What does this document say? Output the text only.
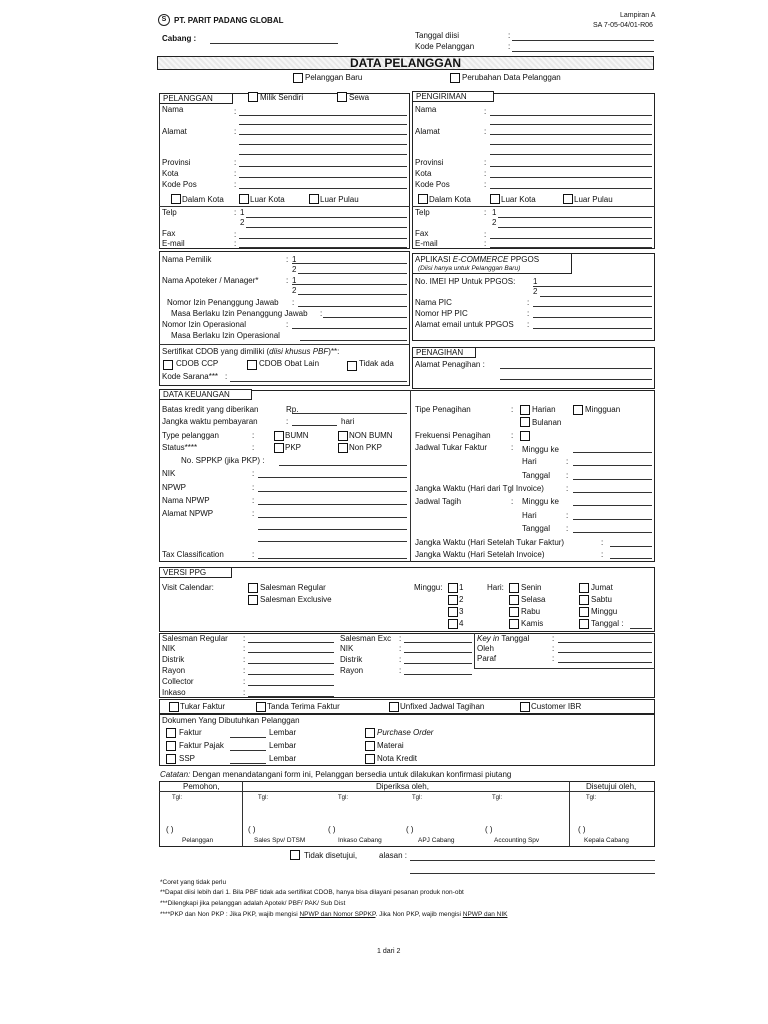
S PT. PARIT PADANG GLOBAL
Lampiran A
SA 7-05-04/01-R06
Cabang :	Tanggal diisi	:
Kode Pelanggan	:
DATA PELANGGAN
Pelanggan Baru	Perubahan Data Pelanggan
PELANGGAN	Milik Sendiri	Sewa
Nama	:
Alamat	:
Provinsi	:
Kota	:
Kode Pos	:
Dalam Kota	Luar Kota	Luar Pulau
Telp	: 1
2
Fax	:
E-mail	:
PENGIRIMAN
Nama	:
Alamat	:
Provinsi	:
Kota	:
Kode Pos	:
Dalam Kota	Luar Kota	Luar Pulau
Telp	: 1
2
Fax	:
E-mail	:
Nama Pemilik	: 1
2
Nama Apoteker / Manager*	: 1
2
Nomor Izin Penanggung Jawab :
Masa Berlaku Izin Penanggung Jawab :
Nomor Izin Operasional	:
Masa Berlaku Izin Operasional
Sertifikat CDOB yang dimiliki (diisi khusus PBF)**:
CDOB CCP	CDOB Obat Lain	Tidak ada
Kode Sarana*** :
APLIKASI E-COMMERCE PPGOS
(Diisi hanya untuk Pelanggan Baru)
No. IMEI HP Untuk PPGOS: 1
2
Nama PIC	:
Nomor HP PIC	:
Alamat email untuk PPGOS :
PENAGIHAN
Alamat Penagihan :
DATA KEUANGAN
Batas kredit yang diberikan	Rp.
Jangka waktu pembayaran	:	hari
Type pelanggan	:	BUMN	NON BUMN
Status****	:	PKP	Non PKP
No. SPPKP (jika PKP) :
NIK	:
NPWP	:
Nama NPWP	:
Alamat NPWP	:
Tax Classification	:
Tipe Penagihan	: Harian	Mingguan
Bulanan
Frekuensi Penagihan	:
Jadwal Tukar Faktur	: Minggu ke
Hari	:
Tanggal :
Jangka Waktu (Hari dari Tgl Invoice)	:
Jadwal Tagih	: Minggu ke
Hari	:
Tanggal :
Jangka Waktu (Hari Setelah Tukar Faktur)	:
Jangka Waktu (Hari Setelah Invoice)	:
VERSI PPG
Visit Calendar:	Salesman Regular
Salesman Exclusive
Minggu: 1
2
3
4
Hari: Senin
Selasa
Rabu
Kamis
Jumat
Sabtu
Minggu
Tanggal :
Salesman Regular :
NIK	:
Distrik	:
Rayon	:
Collector	:
Inkaso	:
Salesman Exc :
NIK	:
Distrik	:
Rayon	:
Key in Tanggal	:
Oleh	:
Paraf	:
Tukar Faktur	Tanda Terima Faktur	Unfixed Jadwal Tagihan	Customer IBR
Dokumen Yang Dibutuhkan Pelanggan
Faktur	Lembar
Faktur Pajak	Lembar
SSP	Lembar
Purchase Order
Materai
Nota Kredit
Catatan: Dengan menandatangani form ini, Pelanggan bersedia untuk dilakukan konfirmasi piutang
Pemohon,	Diperiksa oleh,	Disetujui oleh,
Tgl:	Tgl:	Tgl:	Tgl:	Tgl:	Tgl:
( )	( )	( )	( )	( )	( )
Pelanggan	Sales Spv/ DTSM	Inkaso Cabang	APJ Cabang	Accounting Spv	Kepala Cabang
Tidak disetujui,	alasan :
*Coret yang tidak perlu
**Dapat diisi lebih dari 1. Bila PBF tidak ada sertifikat CDOB, hanya bisa dilayani pesanan produk non-obt
***Dilengkapi jika pelanggan adalah Apotek/ PBF/ PAK/ Sub Dist
****PKP dan Non PKP : Jika PKP, wajib mengisi NPWP dan Nomor SPPKP. Jika Non PKP, wajib mengisi NPWP dan NIK
1 dari 2
